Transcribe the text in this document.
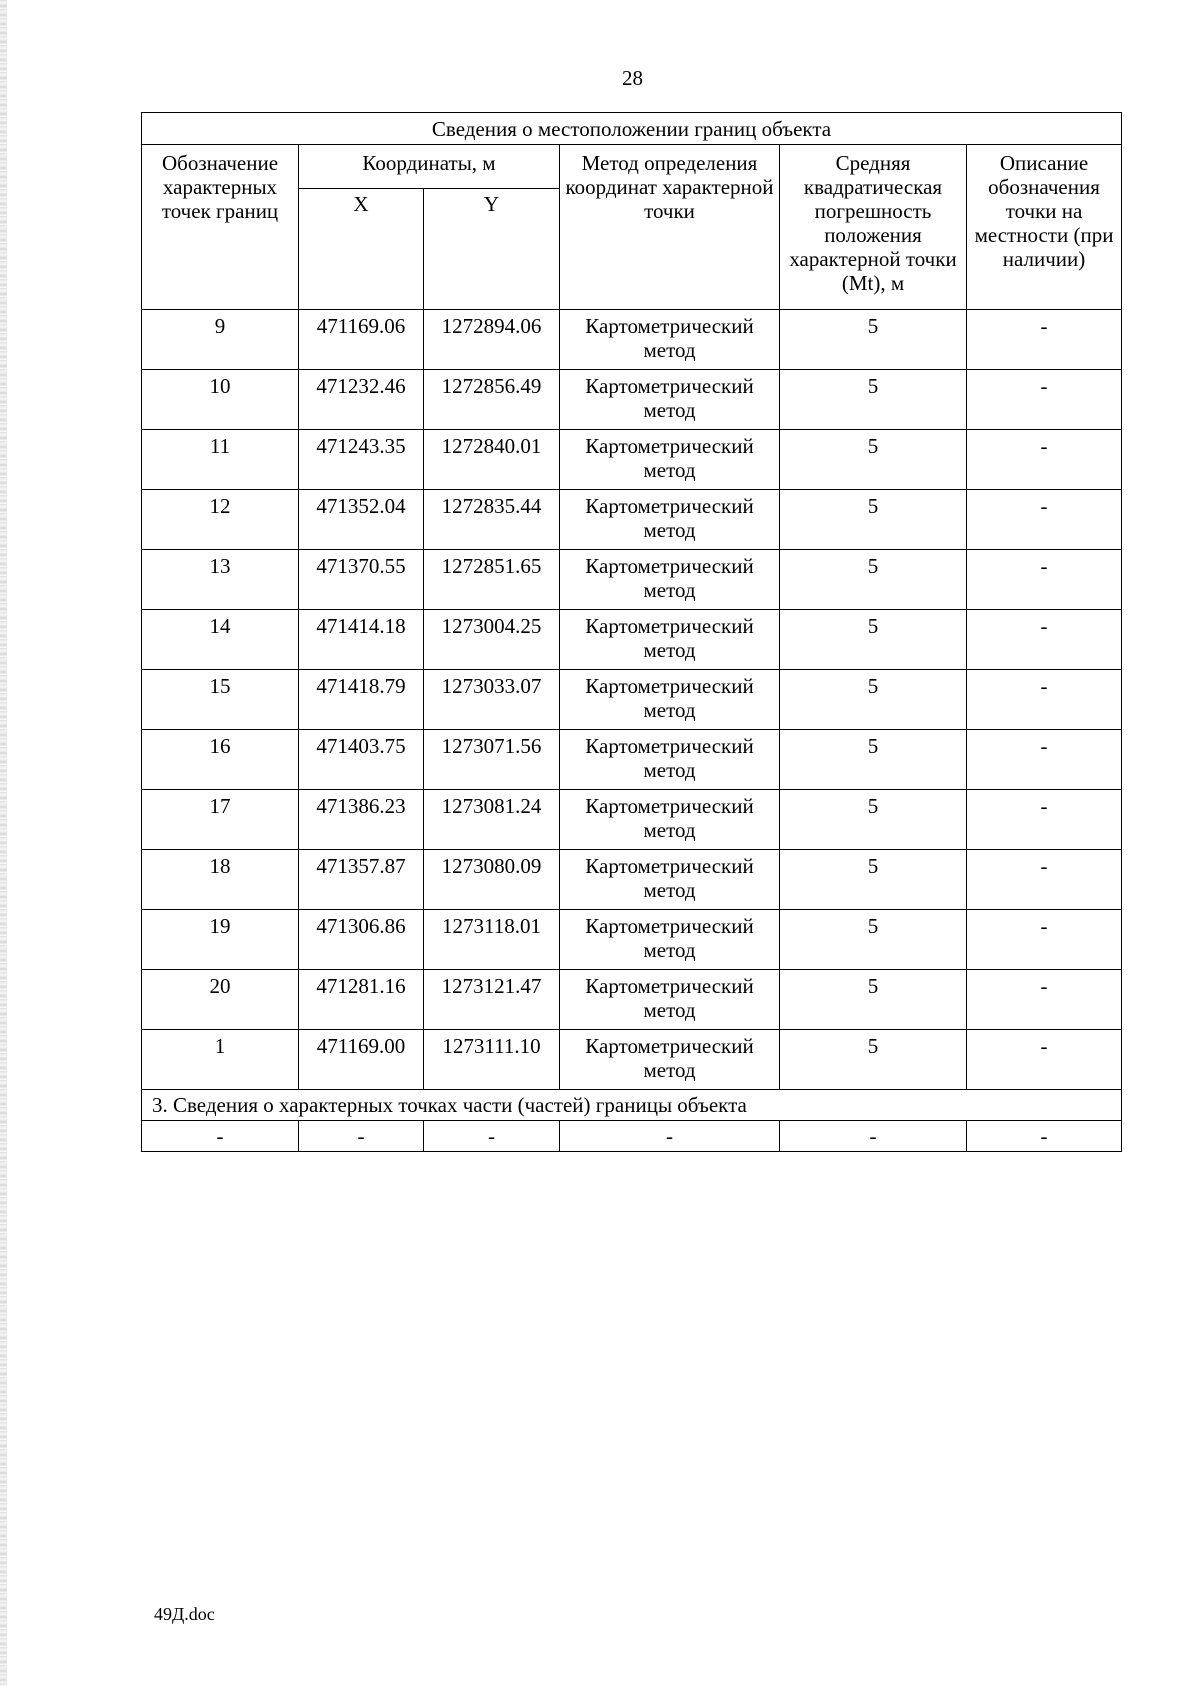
28
Сведения о местоположении границ объекта					
Обозначение характерных точек границ	Координаты, м		Метод определения координат характерной точки	Средняя квадратическая погрешность положения характерной точки (Mt), м	Описание обозначения точки на местности (при наличии)
	X	Y			
9	471169.06	1272894.06	Картометрический метод	5	-
10	471232.46	1272856.49	Картометрический метод	5	-
11	471243.35	1272840.01	Картометрический метод	5	-
12	471352.04	1272835.44	Картометрический метод	5	-
13	471370.55	1272851.65	Картометрический метод	5	-
14	471414.18	1273004.25	Картометрический метод	5	-
15	471418.79	1273033.07	Картометрический метод	5	-
16	471403.75	1273071.56	Картометрический метод	5	-
17	471386.23	1273081.24	Картометрический метод	5	-
18	471357.87	1273080.09	Картометрический метод	5	-
19	471306.86	1273118.01	Картометрический метод	5	-
20	471281.16	1273121.47	Картометрический метод	5	-
1	471169.00	1273111.10	Картометрический метод	5	-
3. Сведения о характерных точках части (частей) границы объекта					
-	-	-	-	-	-
49Д.doc
